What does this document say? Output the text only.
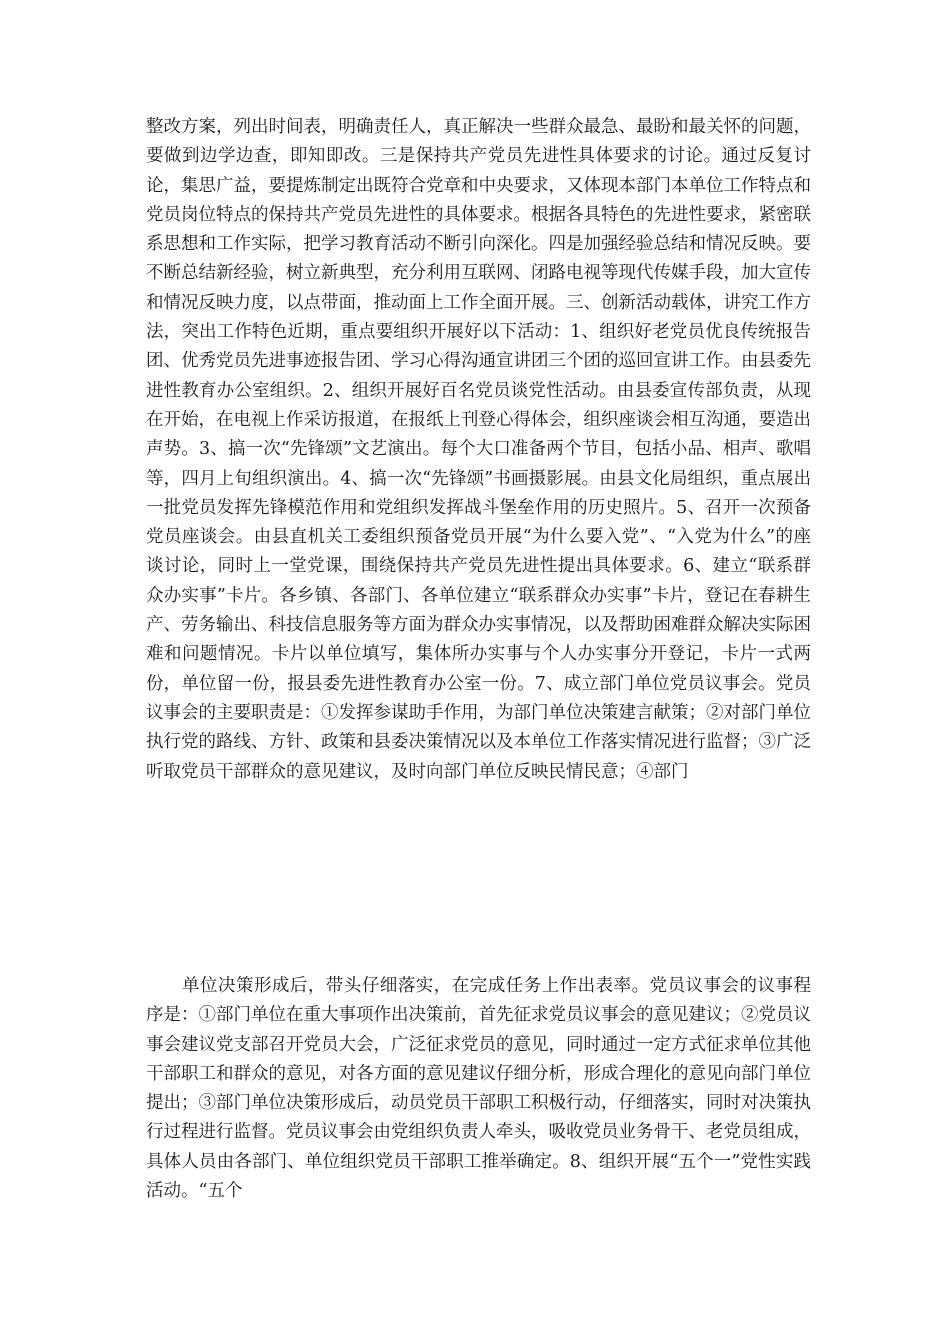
整改方案，列出时间表，明确责任人，真正解决一些群众最急、最盼和最关怀的问题，要做到边学边查，即知即改。三是保持共产党员先进性具体要求的讨论。通过反复讨论，集思广益，要提炼制定出既符合党章和中央要求，又体现本部门本单位工作特点和党员岗位特点的保持共产党员先进性的具体要求。根据各具特色的先进性要求，紧密联系思想和工作实际，把学习教育活动不断引向深化。四是加强经验总结和情况反映。要不断总结新经验，树立新典型，充分利用互联网、闭路电视等现代传媒手段，加大宣传和情况反映力度，以点带面，推动面上工作全面开展。三、创新活动载体，讲究工作方法，突出工作特色近期，重点要组织开展好以下活动：1、组织好老党员优良传统报告团、优秀党员先进事迹报告团、学习心得沟通宣讲团三个团的巡回宣讲工作。由县委先进性教育办公室组织。2、组织开展好百名党员谈党性活动。由县委宣传部负责，从现在开始，在电视上作采访报道，在报纸上刊登心得体会，组织座谈会相互沟通，要造出声势。3、搞一次“先锋颂”文艺演出。每个大口准备两个节目，包括小品、相声、歌唱等，四月上旬组织演出。4、搞一次“先锋颂”书画摄影展。由县文化局组织，重点展出一批党员发挥先锋模范作用和党组织发挥战斗堡垒作用的历史照片。5、召开一次预备党员座谈会。由县直机关工委组织预备党员开展“为什么要入党”、“入党为什么”的座谈讨论，同时上一堂党课，围绕保持共产党员先进性提出具体要求。6、建立“联系群众办实事”卡片。各乡镇、各部门、各单位建立“联系群众办实事”卡片，登记在春耕生产、劳务输出、科技信息服务等方面为群众办实事情况，以及帮助困难群众解决实际困难和问题情况。卡片以单位填写，集体所办实事与个人办实事分开登记，卡片一式两份，单位留一份，报县委先进性教育办公室一份。7、成立部门单位党员议事会。党员议事会的主要职责是：①发挥参谋助手作用，为部门单位决策建言献策；②对部门单位执行党的路线、方针、政策和县委决策情况以及本单位工作落实情况进行监督；③广泛听取党员干部群众的意见建议，及时向部门单位反映民情民意；④部门

单位决策形成后，带头仔细落实，在完成任务上作出表率。党员议事会的议事程序是：①部门单位在重大事项作出决策前，首先征求党员议事会的意见建议；②党员议事会建议党支部召开党员大会，广泛征求党员的意见，同时通过一定方式征求单位其他干部职工和群众的意见，对各方面的意见建议仔细分析，形成合理化的意见向部门单位提出；③部门单位决策形成后，动员党员干部职工积极行动，仔细落实，同时对决策执行过程进行监督。党员议事会由党组织负责人牵头，吸收党员业务骨干、老党员组成，具体人员由各部门、单位组织党员干部职工推举确定。8、组织开展“五个一”党性实践活动。“五个
